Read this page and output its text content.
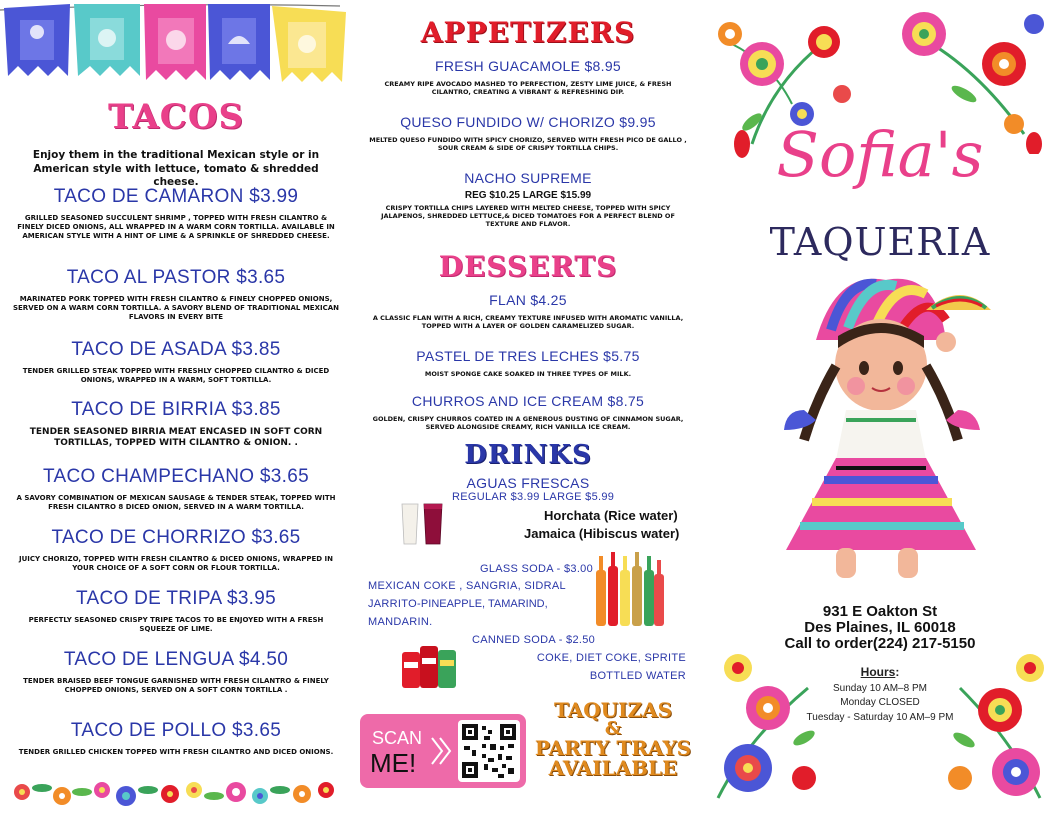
TACOS
Enjoy them in the traditional Mexican style or in American style with lettuce, tomato & shredded cheese.
TACO DE CAMARON $3.99
GRILLED SEASONED SUCCULENT SHRIMP , TOPPED WITH FRESH CILANTRO & FINELY DICED ONIONS, ALL WRAPPED IN A WARM CORN TORTILLA. AVAILABLE IN AMERICAN STYLE WITH A HINT OF LIME & A SPRINKLE OF SHREDDED CHEESE.
TACO AL PASTOR $3.65
MARINATED PORK TOPPED WITH FRESH CILANTRO & FINELY CHOPPED ONIONS, SERVED ON A WARM CORN TORTILLA. A SAVORY BLEND OF TRADITIONAL MEXICAN FLAVORS IN EVERY BITE
TACO DE ASADA $3.85
TENDER GRILLED STEAK TOPPED WITH FRESHLY CHOPPED CILANTRO & DICED ONIONS, WRAPPED IN A WARM, SOFT TORTILLA.
TACO DE BIRRIA $3.85
TENDER SEASONED BIRRIA MEAT ENCASED IN SOFT CORN TORTILLAS, TOPPED WITH CILANTRO & ONION. .
TACO CHAMPECHANO $3.65
A SAVORY COMBINATION OF MEXICAN SAUSAGE & TENDER STEAK, TOPPED WITH FRESH CILANTRO 8 DICED ONION, SERVED IN A WARM TORTILLA.
TACO DE CHORRIZO $3.65
JUICY CHORIZO, TOPPED WITH FRESH CILANTRO & DICED ONIONS, WRAPPED IN YOUR CHOICE OF A SOFT CORN OR FLOUR TORTILLA.
TACO DE TRIPA $3.95
PERFECTLY SEASONED CRISPY TRIPE TACOS TO BE ENJOYED WITH A FRESH SQUEEZE OF LIME.
TACO DE LENGUA $4.50
TENDER BRAISED BEEF TONGUE GARNISHED WITH FRESH CILANTRO & FINELY CHOPPED ONIONS, SERVED ON A SOFT CORN TORTILLA .
TACO DE POLLO $3.65
TENDER GRILLED CHICKEN TOPPED WITH FRESH CILANTRO AND DICED ONIONS.
APPETIZERS
FRESH GUACAMOLE $8.95
CREAMY RIPE AVOCADO MASHED TO PERFECTION, ZESTY LIME JUICE, & FRESH CILANTRO, CREATING A VIBRANT & REFRESHING DIP.
QUESO FUNDIDO W/ CHORIZO $9.95
MELTED QUESO FUNDIDO WITH SPICY CHORIZO, SERVED WITH FRESH PICO DE GALLO , SOUR CREAM & SIDE OF CRISPY TORTILLA CHIPS.
NACHO SUPREME
REG $10.25 LARGE $15.99
CRISPY TORTILLA CHIPS LAYERED WITH MELTED CHEESE, TOPPED WITH SPICY JALAPENOS, SHREDDED LETTUCE,& DICED TOMATOES FOR A PERFECT BLEND OF TEXTURE AND FLAVOR.
DESSERTS
FLAN $4.25
A CLASSIC FLAN WITH A RICH, CREAMY TEXTURE INFUSED WITH AROMATIC VANILLA, TOPPED WITH A LAYER OF GOLDEN CARAMELIZED SUGAR.
PASTEL DE TRES LECHES $5.75
MOIST SPONGE CAKE SOAKED IN THREE TYPES OF MILK.
CHURROS AND ICE CREAM $8.75
GOLDEN, CRISPY CHURROS COATED IN A GENEROUS DUSTING OF CINNAMON SUGAR, SERVED ALONGSIDE CREAMY, RICH VANILLA ICE CREAM.
DRINKS
AGUAS FRESCAS
REGULAR $3.99 LARGE $5.99
Horchata (Rice water)
Jamaica (Hibiscus water)
GLASS SODA - $3.00
MEXICAN COKE , SANGRIA, SIDRAL
JARRITO-PINEAPPLE, TAMARIND,
MANDARIN.
CANNED SODA - $2.50
COKE, DIET COKE, SPRITE
BOTTLED WATER
SCAN
ME!
TAQUIZAS
&
PARTY TRAYS
AVAILABLE
Sofia's
TAQUERIA
931 E Oakton St
Des Plaines, IL 60018
Call to order(224) 217-5150
Hours:
Sunday 10 AM–8 PM
Monday CLOSED
Tuesday - Saturday 10 AM–9 PM
